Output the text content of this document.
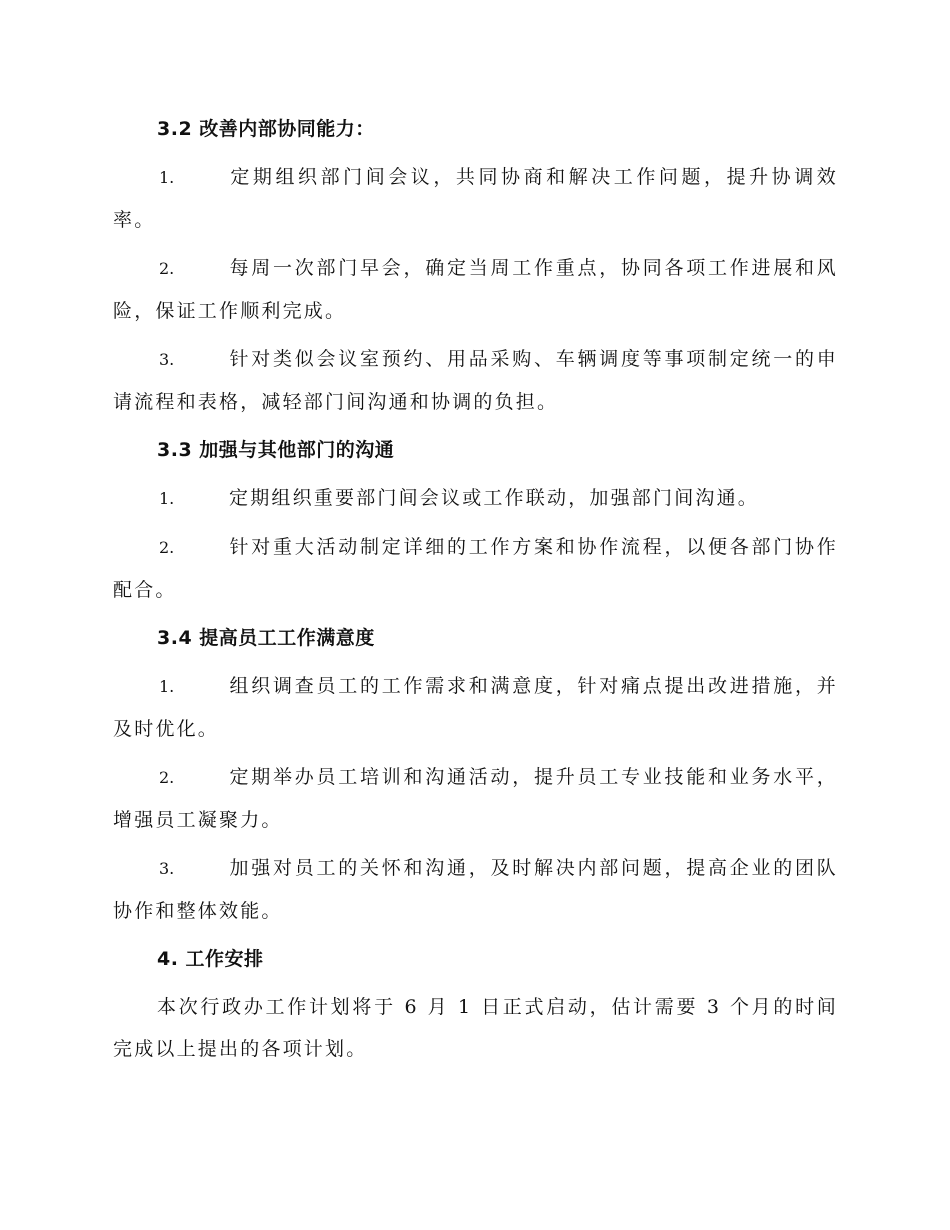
3.2 改善内部协同能力：

1.	定期组织部门间会议，共同协商和解决工作问题，提升协调效率。

2.	每周一次部门早会，确定当周工作重点，协同各项工作进展和风险，保证工作顺利完成。

3.	针对类似会议室预约、用品采购、车辆调度等事项制定统一的申请流程和表格，减轻部门间沟通和协调的负担。

3.3 加强与其他部门的沟通

1.	定期组织重要部门间会议或工作联动，加强部门间沟通。

2.	针对重大活动制定详细的工作方案和协作流程，以便各部门协作配合。

3.4 提高员工工作满意度

1.	组织调查员工的工作需求和满意度，针对痛点提出改进措施，并及时优化。

2.	定期举办员工培训和沟通活动，提升员工专业技能和业务水平，增强员工凝聚力。

3.	加强对员工的关怀和沟通，及时解决内部问题，提高企业的团队协作和整体效能。

4. 工作安排

本次行政办工作计划将于 6 月 1 日正式启动，估计需要 3 个月的时间完成以上提出的各项计划。
